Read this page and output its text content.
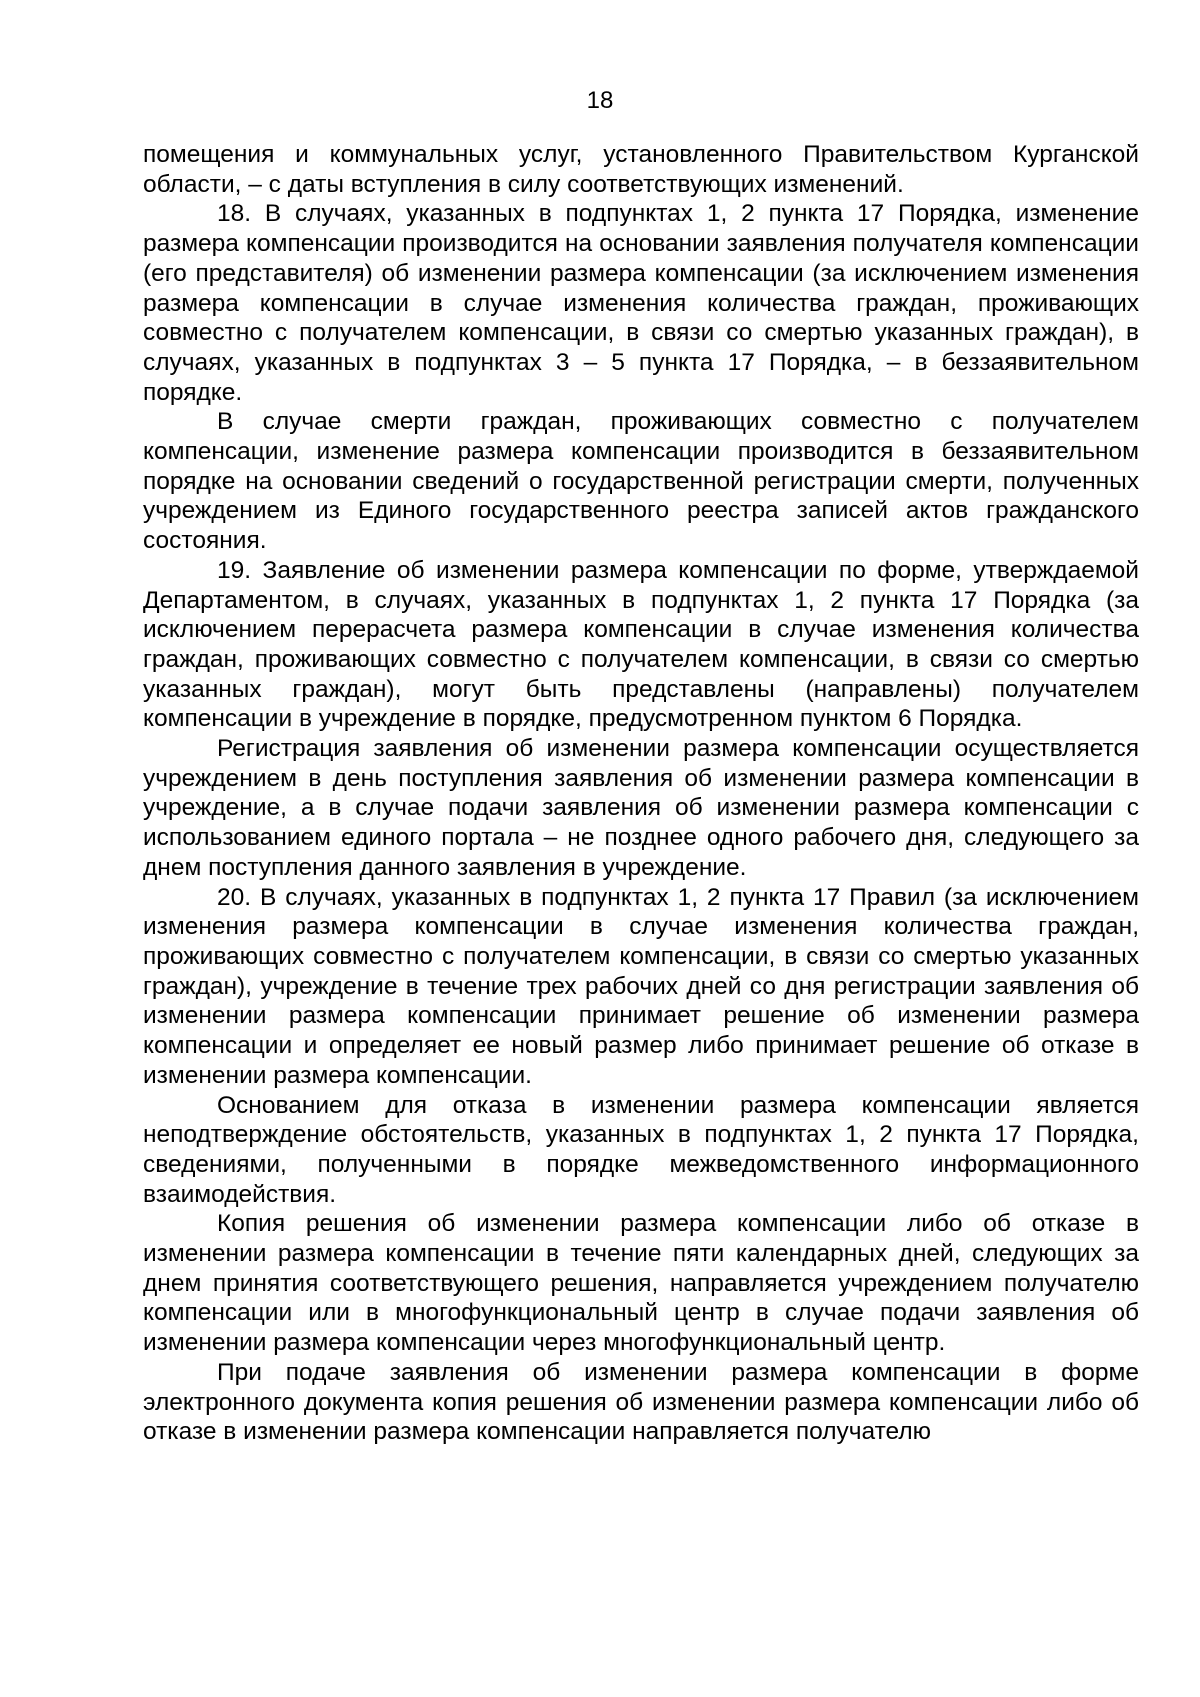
18

помещения и коммунальных услуг, установленного Правительством Курганской области, – с даты вступления в силу соответствующих изменений.

18. В случаях, указанных в подпунктах 1, 2 пункта 17 Порядка, изменение размера компенсации производится на основании заявления получателя компенсации (его представителя) об изменении размера компенсации (за исключением изменения размера компенсации в случае изменения количества граждан, проживающих совместно с получателем компенсации, в связи со смертью указанных граждан), в случаях, указанных в подпунктах 3 – 5 пункта 17 Порядка, – в беззаявительном порядке.

В случае смерти граждан, проживающих совместно с получателем компенсации, изменение размера компенсации производится в беззаявительном порядке на основании сведений о государственной регистрации смерти, полученных учреждением из Единого государственного реестра записей актов гражданского состояния.

19. Заявление об изменении размера компенсации по форме, утверждаемой Департаментом, в случаях, указанных в подпунктах 1, 2 пункта 17 Порядка (за исключением перерасчета размера компенсации в случае изменения количества граждан, проживающих совместно с получателем компенсации, в связи со смертью указанных граждан), могут быть представлены (направлены) получателем компенсации в учреждение в порядке, предусмотренном пунктом 6 Порядка.

Регистрация заявления об изменении размера компенсации осуществляется учреждением в день поступления заявления об изменении размера компенсации в учреждение, а в случае подачи заявления об изменении размера компенсации с использованием единого портала – не позднее одного рабочего дня, следующего за днем поступления данного заявления в учреждение.

20. В случаях, указанных в подпунктах 1, 2 пункта 17 Правил (за исключением изменения размера компенсации в случае изменения количества граждан, проживающих совместно с получателем компенсации, в связи со смертью указанных граждан), учреждение в течение трех рабочих дней со дня регистрации заявления об изменении размера компенсации принимает решение об изменении размера компенсации и определяет ее новый размер либо принимает решение об отказе в изменении размера компенсации.

Основанием для отказа в изменении размера компенсации является неподтверждение обстоятельств, указанных в подпунктах 1, 2 пункта 17 Порядка, сведениями, полученными в порядке межведомственного информационного взаимодействия.

Копия решения об изменении размера компенсации либо об отказе в изменении размера компенсации в течение пяти календарных дней, следующих за днем принятия соответствующего решения, направляется учреждением получателю компенсации или в многофункциональный центр в случае подачи заявления об изменении размера компенсации через многофункциональный центр.

При подаче заявления об изменении размера компенсации в форме электронного документа копия решения об изменении размера компенсации либо об отказе в изменении размера компенсации направляется получателю
